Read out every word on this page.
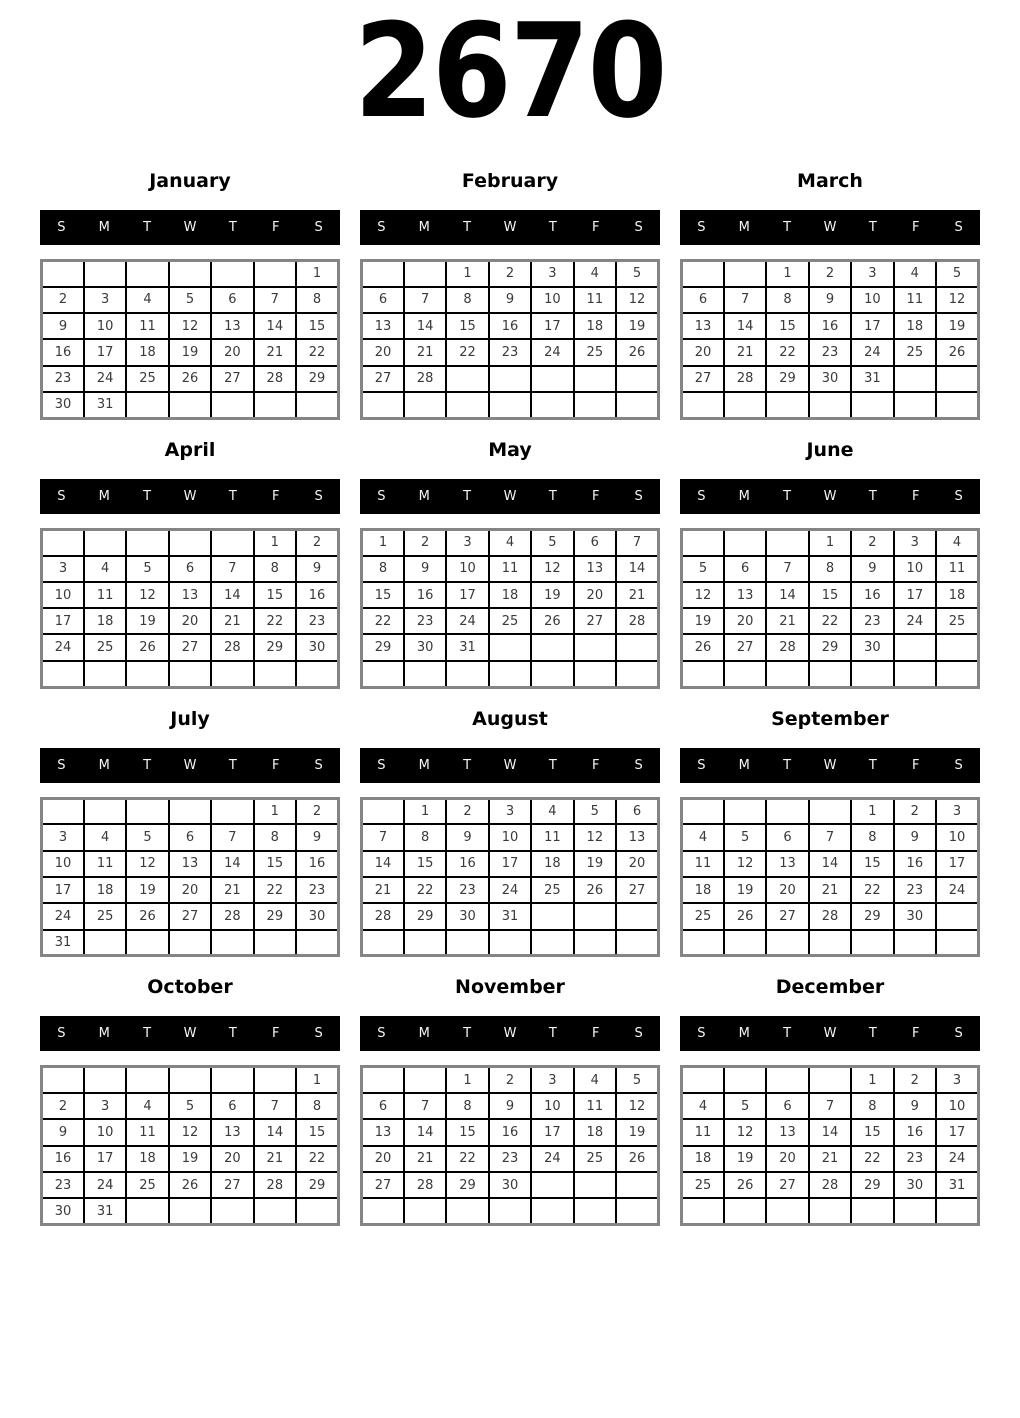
2670
January
S	M	T	W	T	F	S
						1
2	3	4	5	6	7	8
9	10	11	12	13	14	15
16	17	18	19	20	21	22
23	24	25	26	27	28	29
30	31					
February
S	M	T	W	T	F	S
		1	2	3	4	5
6	7	8	9	10	11	12
13	14	15	16	17	18	19
20	21	22	23	24	25	26
27	28					

March
S	M	T	W	T	F	S
		1	2	3	4	5
6	7	8	9	10	11	12
13	14	15	16	17	18	19
20	21	22	23	24	25	26
27	28	29	30	31		

April
S	M	T	W	T	F	S
					1	2
3	4	5	6	7	8	9
10	11	12	13	14	15	16
17	18	19	20	21	22	23
24	25	26	27	28	29	30

May
S	M	T	W	T	F	S
1	2	3	4	5	6	7
8	9	10	11	12	13	14
15	16	17	18	19	20	21
22	23	24	25	26	27	28
29	30	31				

June
S	M	T	W	T	F	S
			1	2	3	4
5	6	7	8	9	10	11
12	13	14	15	16	17	18
19	20	21	22	23	24	25
26	27	28	29	30		

July
S	M	T	W	T	F	S
					1	2
3	4	5	6	7	8	9
10	11	12	13	14	15	16
17	18	19	20	21	22	23
24	25	26	27	28	29	30
31						
August
S	M	T	W	T	F	S
	1	2	3	4	5	6
7	8	9	10	11	12	13
14	15	16	17	18	19	20
21	22	23	24	25	26	27
28	29	30	31			

September
S	M	T	W	T	F	S
				1	2	3
4	5	6	7	8	9	10
11	12	13	14	15	16	17
18	19	20	21	22	23	24
25	26	27	28	29	30	

October
S	M	T	W	T	F	S
						1
2	3	4	5	6	7	8
9	10	11	12	13	14	15
16	17	18	19	20	21	22
23	24	25	26	27	28	29
30	31					
November
S	M	T	W	T	F	S
		1	2	3	4	5
6	7	8	9	10	11	12
13	14	15	16	17	18	19
20	21	22	23	24	25	26
27	28	29	30			

December
S	M	T	W	T	F	S
				1	2	3
4	5	6	7	8	9	10
11	12	13	14	15	16	17
18	19	20	21	22	23	24
25	26	27	28	29	30	31
